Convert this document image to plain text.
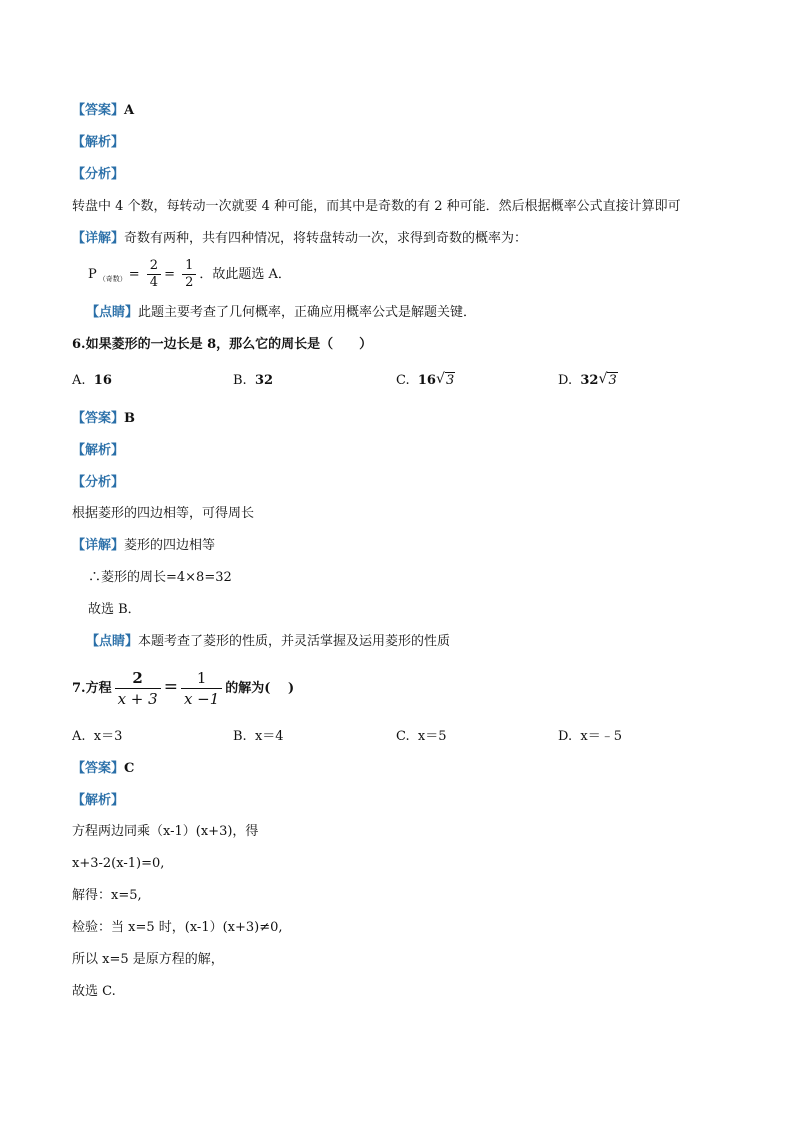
【答案】A
【解析】
【分析】
转盘中 4 个数，每转动一次就要 4 种可能，而其中是奇数的有 2 种可能．然后根据概率公式直接计算即可
【详解】奇数有两种，共有四种情况，将转盘转动一次，求得到奇数的概率为：
P $_{(奇数)} = \frac{2}{4} = \frac{1}{2}$ ．故此题选 A．
【点睛】此题主要考查了几何概率，正确应用概率公式是解题关键．
6.如果菱形的一边长是 8，那么它的周长是（　　）
A. 16	B. 32	C. 16 √ 3	D. 32 √ 3
【答案】B
【解析】
【分析】
根据菱形的四边相等，可得周长
【详解】菱形的四边相等
∴菱形的周长=4×8=32
故选 B．
【点睛】本题考查了菱形的性质，并灵活掌握及运用菱形的性质
7.方程 $\frac{2}{x + 3} = \frac{1}{x -1}$ 的解为(　 )
A. x＝3	B. x＝4	C. x＝5	D. x＝﹣5
【答案】C
【解析】
方程两边同乘（x-1）(x+3)，得
x+3-2(x-1)=0,
解得：x=5,
检验：当 x=5 时，(x-1）(x+3)≠0,
所以 x=5 是原方程的解，
故选 C.
